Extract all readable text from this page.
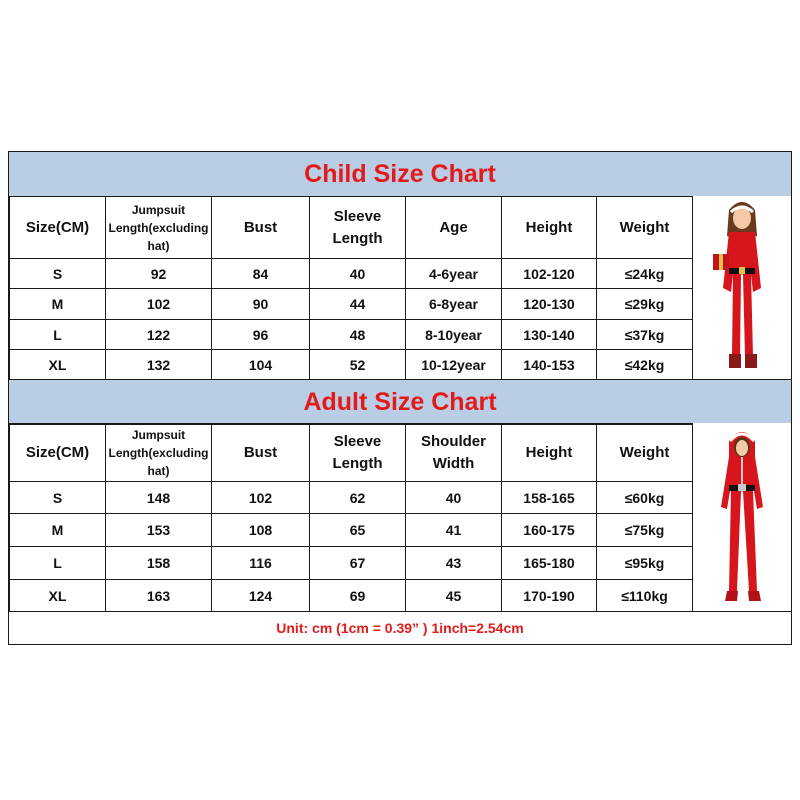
Child Size Chart
Size(CM)	Jumpsuit Length(excluding hat)	Bust	Sleeve Length	Age	Height	Weight
S	92	84	40	4-6year	102-120	≤24kg
M	102	90	44	6-8year	120-130	≤29kg
L	122	96	48	8-10year	130-140	≤37kg
XL	132	104	52	10-12year	140-153	≤42kg
Adult Size Chart
Size(CM)	Jumpsuit Length(excluding hat)	Bust	Sleeve Length	Shoulder Width	Height	Weight
S	148	102	62	40	158-165	≤60kg
M	153	108	65	41	160-175	≤75kg
L	158	116	67	43	165-180	≤95kg
XL	163	124	69	45	170-190	≤110kg
Unit: cm (1cm = 0.39” ) 1inch=2.54cm
